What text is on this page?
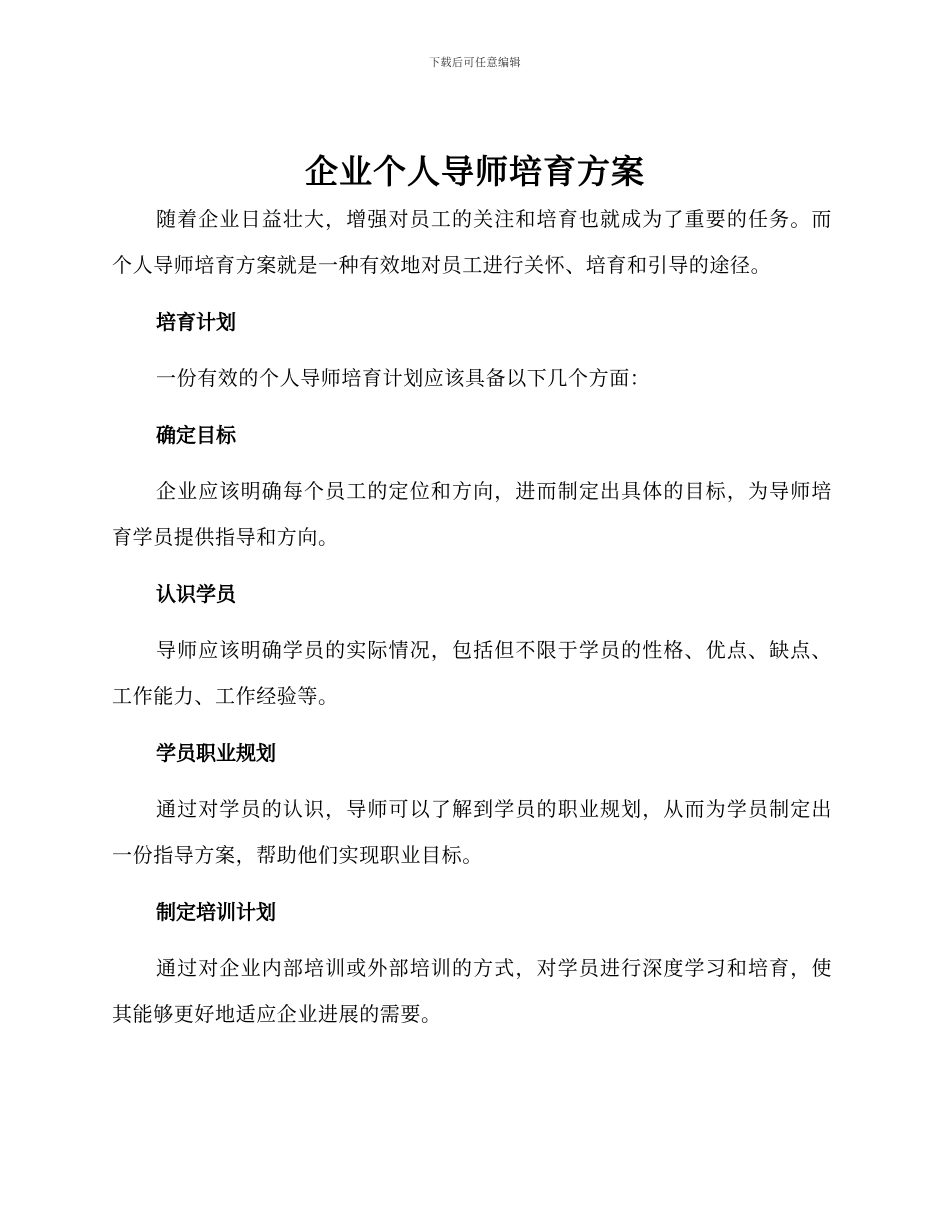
下载后可任意编辑
企业个人导师培育方案

随着企业日益壮大，增强对员工的关注和培育也就成为了重要的任务。而个人导师培育方案就是一种有效地对员工进行关怀、培育和引导的途径。

培育计划

一份有效的个人导师培育计划应该具备以下几个方面：

确定目标

企业应该明确每个员工的定位和方向，进而制定出具体的目标，为导师培育学员提供指导和方向。

认识学员

导师应该明确学员的实际情况，包括但不限于学员的性格、优点、缺点、工作能力、工作经验等。

学员职业规划

通过对学员的认识，导师可以了解到学员的职业规划，从而为学员制定出一份指导方案，帮助他们实现职业目标。

制定培训计划

通过对企业内部培训或外部培训的方式，对学员进行深度学习和培育，使其能够更好地适应企业进展的需要。
